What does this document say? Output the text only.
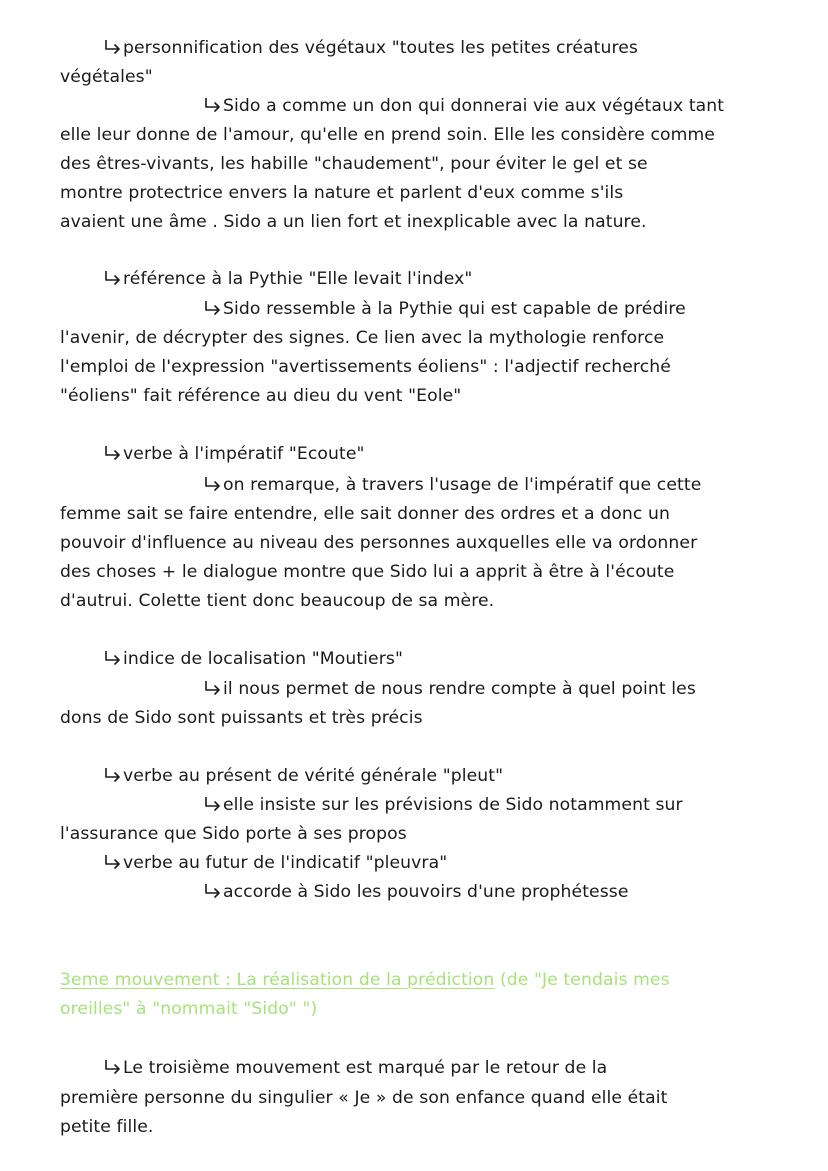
personnification des végétaux "toutes les petites créatures
végétales"
Sido a comme un don qui donnerai vie aux végétaux tant
elle leur donne de l'amour, qu'elle en prend soin. Elle les considère comme
des êtres-vivants, les habille "chaudement", pour éviter le gel et se
montre protectrice envers la nature et parlent d'eux comme s'ils
avaient une âme . Sido a un lien fort et inexplicable avec la nature.
référence à la Pythie "Elle levait l'index"
Sido ressemble à la Pythie qui est capable de prédire
l'avenir, de décrypter des signes. Ce lien avec la mythologie renforce
l'emploi de l'expression "avertissements éoliens" : l'adjectif recherché
"éoliens" fait référence au dieu du vent "Eole"
verbe à l'impératif "Ecoute"
on remarque, à travers l'usage de l'impératif que cette
femme sait se faire entendre, elle sait donner des ordres et a donc un
pouvoir d'influence au niveau des personnes auxquelles elle va ordonner
des choses + le dialogue montre que Sido lui a apprit à être à l'écoute
d'autrui. Colette tient donc beaucoup de sa mère.
indice de localisation "Moutiers"
il nous permet de nous rendre compte à quel point les
dons de Sido sont puissants et très précis
verbe au présent de vérité générale "pleut"
elle insiste sur les prévisions de Sido notamment sur
l'assurance que Sido porte à ses propos
verbe au futur de l'indicatif "pleuvra"
accorde à Sido les pouvoirs d'une prophétesse
3eme mouvement : La réalisation de la prédiction (de "Je tendais mes
oreilles" à "nommait "Sido" ")
Le troisième mouvement est marqué par le retour de la
première personne du singulier « Je » de son enfance quand elle était
petite fille.
